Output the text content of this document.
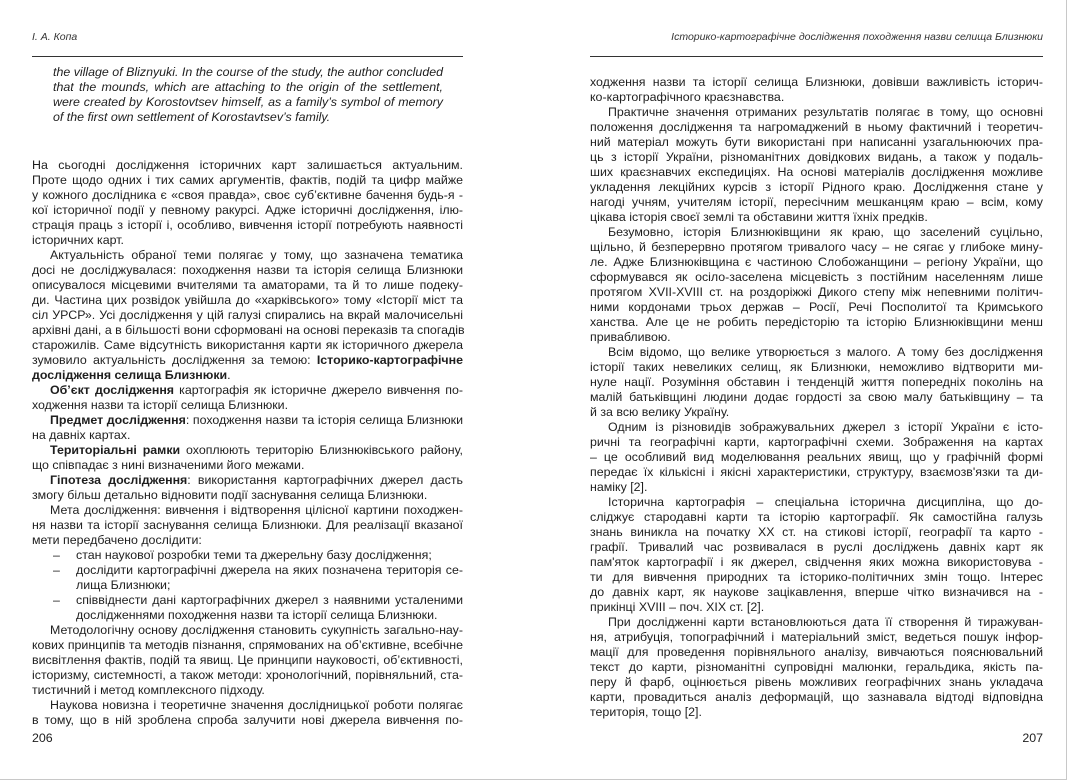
І. А. Копа
the village of Bliznyuki. In the course of the study, the author concluded
that the mounds, which are attaching to the origin of the settlement,
were created by Korostovtsev himself, as a family’s symbol of memory
of the first own settlement of Korostavtsev’s family.
На сьогодні дослідження історичних карт залишається актуальним.
Проте щодо одних і тих самих аргументів, фактів, подій та цифр майже
у кожного дослідника є «своя правда», своє суб’єктивне бачення будь-я -
кої історичної події у певному ракурсі. Адже історичні дослідження, ілю-
страція праць з історії і, особливо, вивчення історії потребують наявності
історичних карт.
Актуальність обраної теми полягає у тому, що зазначена тематика
досі не досліджувалася: походження назви та історія селища Близнюки
описувалося місцевими вчителями та аматорами, та й то лише подеку-
ди. Частина цих розвідок увійшла до «харківського» тому «Історії міст та
сіл УРСР». Усі дослідження у цій галузі спирались на вкрай малочисельні
архівні дані, а в більшості вони сформовані на основі переказів та спогадів
старожилів. Саме відсутність використання карти як історичного джерела
зумовило актуальність дослідження за темою: Історико-картографічне
дослідження селища Близнюки.
Об’єкт дослідження картографія як історичне джерело вивчення по-
ходження назви та історії селища Близнюки.
Предмет дослідження: походження назви та історія селища Близнюки
на давніх картах.
Територіальні рамки охоплюють територію Близнюківського району,
що співпадає з нині визначеними його межами.
Гіпотеза дослідження: використання картографічних джерел дасть
змогу більш детально відновити події заснування селища Близнюки.
Мета дослідження: вивчення і відтворення цілісної картини походжен-
ня назви та історії заснування селища Близнюки. Для реалізації вказаної
мети передбачено дослідити:
– стан наукової розробки теми та джерельну базу дослідження;
– дослідити картографічні джерела на яких позначена територія се-
лища Близнюки;
– співвіднести дані картографічних джерел з наявними усталеними
дослідженнями походження назви та історії селища Близнюки.
Методологічну основу дослідження становить сукупність загально-нау-
кових принципів та методів пізнання, спрямованих на об’єктивне, всебічне
висвітлення фактів, подій та явищ. Це принципи науковості, об’єктивності,
історизму, системності, а також методи: хронологічний, порівняльний, ста-
тистичний і метод комплексного підходу.
Наукова новизна і теоретичне значення дослідницької роботи полягає
в тому, що в ній зроблена спроба залучити нові джерела вивчення по-
206
Історико-картографічне дослідження походження назви селища Близнюки
ходження назви та історії селища Близнюки, довівши важливість історич-
ко-картографічного краєзнавства.
Практичне значення отриманих результатів полягає в тому, що основні
положення дослідження та нагромаджений в ньому фактичний і теоретич-
ний матеріал можуть бути використані при написанні узагальнюючих пра-
ць з історії України, різноманітних довідкових видань, а також у подаль-
ших краєзнавчих експедиціях. На основі матеріалів дослідження можливе
укладення лекційних курсів з історії Рідного краю. Дослідження стане у
нагоді учням, учителям історії, пересічним мешканцям краю – всім, кому
цікава історія своєї землі та обставини життя їхніх предків.
Безумовно, історія Близнюківщини як краю, що заселений суцільно,
щільно, й безперервно протягом тривалого часу – не сягає у глибоке мину-
ле. Адже Близнюківщина є частиною Слобожанщини – регіону України, що
сформувався як осіло-заселена місцевість з постійним населенням лише
протягом XVII-XVIII ст. на роздоріжжі Дикого степу між непевними політич-
ними кордонами трьох держав – Росії, Речі Посполитої та Кримського
ханства. Але це не робить передісторію та історію Близнюківщини менш
привабливою.
Всім відомо, що велике утворюється з малого. А тому без дослідження
історії таких невеликих селищ, як Близнюки, неможливо відтворити ми-
нуле нації. Розуміння обставин і тенденцій життя попередніх поколінь на
малій батьківщині людини додає гордості за свою малу батьківщину – та
й за всю велику Україну.
Одним із різновидів зображувальних джерел з історії України є істо-
ричні та географічні карти, картографічні схеми. Зображення на картах
– це особливий вид моделювання реальних явищ, що у графічній формі
передає їх кількісні і якісні характеристики, структуру, взаємозв'язки та ди-
наміку [2].
Історична картографія – спеціальна історична дисципліна, що до-
сліджує стародавні карти та історію картографії. Як самостійна галузь
знань виникла на початку XX ст. на стикові історії, географії та карто -
графії. Тривалий час розвивалася в руслі досліджень давніх карт як
пам'яток картографії і як джерел, свідчення яких можна використовува -
ти для вивчення природних та історико-політичних змін тощо. Інтерес
до давніх карт, як наукове зацікавлення, вперше чітко визначився на -
прикінці XVIII – поч. XIX ст. [2].
При дослідженні карти встановлюються дата її створення й тиражуван-
ня, атрибуція, топографічний і матеріальний зміст, ведеться пошук інфор-
мації для проведення порівняльного аналізу, вивчаються пояснювальний
текст до карти, різноманітні супровідні малюнки, геральдика, якість па-
перу й фарб, оцінюється рівень можливих географічних знань укладача
карти, провадиться аналіз деформацій, що зазнавала відтоді відповідна
територія, тощо [2].
207
